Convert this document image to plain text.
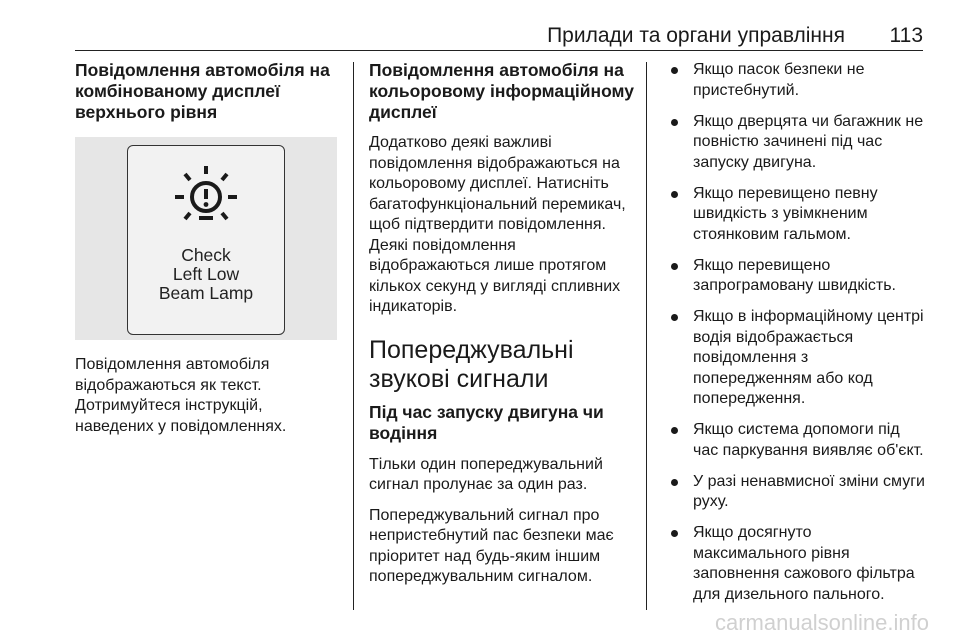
Прилади та органи управління 113
Повідомлення автомобіля на комбінованому дисплеї верхнього рівня
Check
Left Low
Beam Lamp

Повідомлення автомобіля відображаються як текст. Дотримуйтеся інструкцій, наведених у повідомленнях.

Повідомлення автомобіля на кольоровому інформаційному дисплеї

Додатково деякі важливі повідомлення відображаються на кольоровому дисплеї. Натисніть багатофункціональний перемикач, щоб підтвердити повідомлення. Деякі повідомлення відображаються лише протягом кількох секунд у вигляді спливних індикаторів.

Попереджувальні звукові сигнали
Під час запуску двигуна чи водіння

Тільки один попереджувальний сигнал пролунає за один раз.

Попереджувальний сигнал про непристебнутий пас безпеки має пріоритет над будь-яким іншим попереджувальним сигналом.

Якщо пасок безпеки не пристебнутий.
Якщо дверцята чи багажник не повністю зачинені під час запуску двигуна.
Якщо перевищено певну швидкість з увімкненим стоянковим гальмом.
Якщо перевищено запрограмовану швидкість.
Якщо в інформаційному центрі водія відображається повідомлення з попередженням або код попередження.
Якщо система допомоги під час паркування виявляє об'єкт.
У разі ненавмисної зміни смуги руху.
Якщо досягнуто максимального рівня заповнення сажового фільтра для дизельного пального.
carmanualsonline.info
